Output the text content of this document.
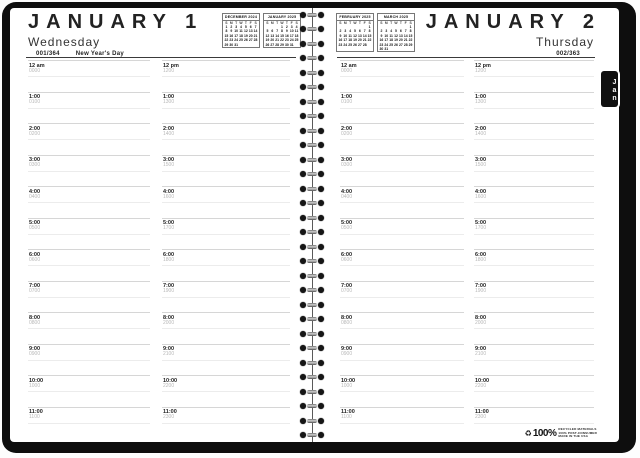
JANUARY 1
Wednesday
001/364	New Year's Day
DECEMBER 2024
S M T W T F S
1 2 3 4 5 6 7
8 9 10 11 12 13 14
15 16 17 18 19 20 21
22 23 24 25 26 27 28
29 30 31
JANUARY 2025
S M T W T F S
1 2 3 4
5 6 7 8 9 10 11
12 13 14 15 16 17 18
19 20 21 22 23 24 25
26 27 28 29 30 31
FEBRUARY 2025
S M T W T F S
1
2 3 4 5 6 7 8
9 10 11 12 13 14 15
16 17 18 19 20 21 22
23 24 25 26 27 28
MARCH 2025
S M T W T F S
1
2 3 4 5 6 7 8
9 10 11 12 13 14 15
16 17 18 19 20 21 22
23 24 25 26 27 28 29
30 31
JANUARY 2
Thursday
002/363
12 am
0000
1:00
0100
2:00
0200
3:00
0300
4:00
0400
5:00
0500
6:00
0600
7:00
0700
8:00
0800
9:00
0900
10:00
1000
11:00
1100
12 pm
1200
1:00
1300
2:00
1400
3:00
1500
4:00
1600
5:00
1700
6:00
1800
7:00
1900
8:00
2000
9:00
2100
10:00
2200
11:00
2300
12 am
0000
1:00
0100
2:00
0200
3:00
0300
4:00
0400
5:00
0500
6:00
0600
7:00
0700
8:00
0800
9:00
0900
10:00
1000
11:00
1100
12 pm
1200
1:00
1300
2:00
1400
3:00
1500
4:00
1600
5:00
1700
6:00
1800
7:00
1900
8:00
2000
9:00
2100
10:00
2200
11:00
2300
♻ 100% RECYCLED MATERIALS
100% POST-CONSUMER
MADE IN THE USA
Jan
